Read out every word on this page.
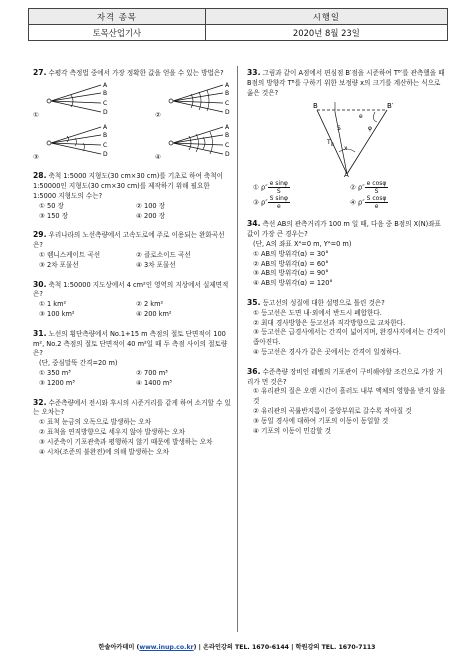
자격 종목	시행일
토목산업기사	2020년 8월 23일
27. 수평각 측정법 중에서 가장 정확한 값을 얻을 수 있는 방법은?
①
A
B
C
D	②
A
B
C
D
③
A
B
C
D	④
A
B
C
D
28. 축척 1:5000 지형도(30 cm×30 cm)를 기초로 하여 축척이 1:50000인 지형도(30 cm×30 cm)를 제작하기 위해 필요한 1:5000 지형도의 수는?
① 50 장	② 100 장
③ 150 장	④ 200 장
29. 우리나라의 노선측량에서 고속도로에 주로 이용되는 완화곡선은?
① 렘니스케이트 곡선	② 클로소이드 곡선
③ 2차 포물선	④ 3차 포물선
30. 축척 1:50000 지도상에서 4 cm²인 영역의 지상에서 실제면적은?
① 1 km²	② 2 km²
③ 100 km²	④ 200 km²
31. 노선의 횡단측량에서 No.1+15 m 측점의 절토 단면적이 100 m², No.2 측점의 절토 단면적이 40 m²일 때 두 측점 사이의 절토량은?
(단, 중심말뚝 간격=20 m)
① 350 m³	② 700 m³
③ 1200 m³	④ 1400 m³
32. 수준측량에서 전시와 후시의 시준거리를 같게 하여 소거할 수 있는 오차는?
① 표척 눈금의 오독으로 발생하는 오차
② 표척을 연직방향으로 세우지 않아 발생하는 오차
③ 시준축이 기포관축과 평행하지 않기 때문에 발생하는 오차
④ 시차(조준의 불완전)에 의해 발생하는 오차
33. 그림과 같이 A점에서 편심점 B′점을 시준하여 Tᴮ′를 관측했을 때 B점의 방향각 Tᴮ를 구하기 위한 보정량 x의 크기를 계산하는 식으로 옳은 것은?
B	B′
T B
x
φ
e
S
A
① $\rho'' \frac{\text{e sinφ}}{S}$	② $\rho'' \frac{\text{e cosφ}}{S}$
③ $\rho'' \frac{\text{S sinφ}}{e}$	④ $\rho'' \frac{\text{S cosφ}}{e}$
34. 측선 AB의 관측거리가 100 m 일 때, 다음 중 B점의 X(N)좌표 값이 가장 큰 경우는?
(단, A의 좌표 Xᴬ=0 m, Yᴬ=0 m)
① AB의 방위각(α) = 30°
② AB의 방위각(α) = 60°
③ AB의 방위각(α) = 90°
④ AB의 방위각(α) = 120°
35. 등고선의 성질에 대한 설명으로 틀린 것은?
① 등고선은 도면 내·외에서 반드시 폐합한다.
② 최대 경사방향은 등고선과 직각방향으로 교차한다.
③ 등고선은 급경사에서는 간격이 넓어지며, 완경사지에서는 간격이 좁아진다.
④ 등고선은 경사가 같은 곳에서는 간격이 일정하다.
36. 수준측량 장비인 레벨의 기포관이 구비해야할 조건으로 가장 거리가 먼 것은?
① 유리관의 질은 오랜 시간이 흘러도 내부 액체의 영향을 받지 않을 것
② 유리관의 곡률반지름이 중앙부위로 갈수록 작아질 것
③ 동일 경사에 대하여 기포의 이동이 동일할 것
④ 기포의 이동이 민감할 것
한솔아카데미 (www.inup.co.kr) | 온라인강의 TEL. 1670-6144 | 학원강의 TEL. 1670-7113
